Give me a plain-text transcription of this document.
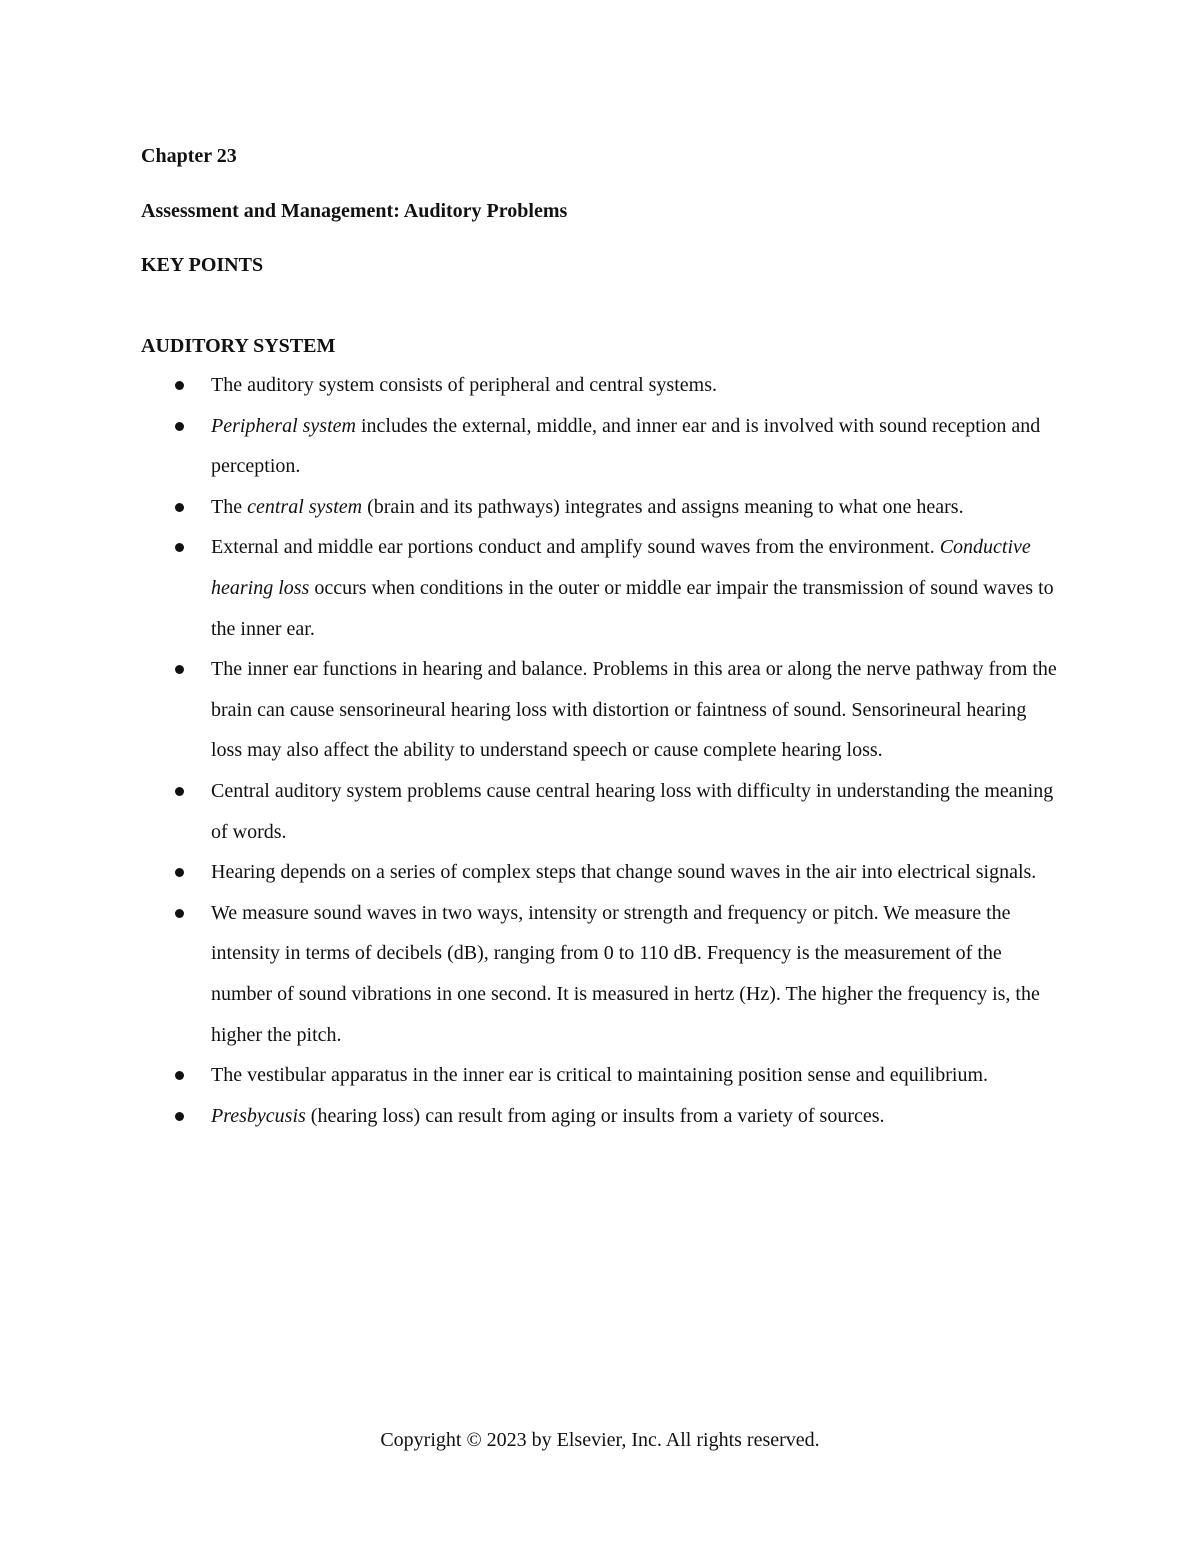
Chapter 23
Assessment and Management: Auditory Problems
KEY POINTS
AUDITORY SYSTEM
The auditory system consists of peripheral and central systems.
Peripheral system includes the external, middle, and inner ear and is involved with sound reception and perception.
The central system (brain and its pathways) integrates and assigns meaning to what one hears.
External and middle ear portions conduct and amplify sound waves from the environment. Conductive hearing loss occurs when conditions in the outer or middle ear impair the transmission of sound waves to the inner ear.
The inner ear functions in hearing and balance. Problems in this area or along the nerve pathway from the brain can cause sensorineural hearing loss with distortion or faintness of sound. Sensorineural hearing loss may also affect the ability to understand speech or cause complete hearing loss.
Central auditory system problems cause central hearing loss with difficulty in understanding the meaning of words.
Hearing depends on a series of complex steps that change sound waves in the air into electrical signals.
We measure sound waves in two ways, intensity or strength and frequency or pitch. We measure the intensity in terms of decibels (dB), ranging from 0 to 110 dB. Frequency is the measurement of the number of sound vibrations in one second. It is measured in hertz (Hz). The higher the frequency is, the higher the pitch.
The vestibular apparatus in the inner ear is critical to maintaining position sense and equilibrium.
Presbycusis (hearing loss) can result from aging or insults from a variety of sources.
Copyright © 2023 by Elsevier, Inc. All rights reserved.
